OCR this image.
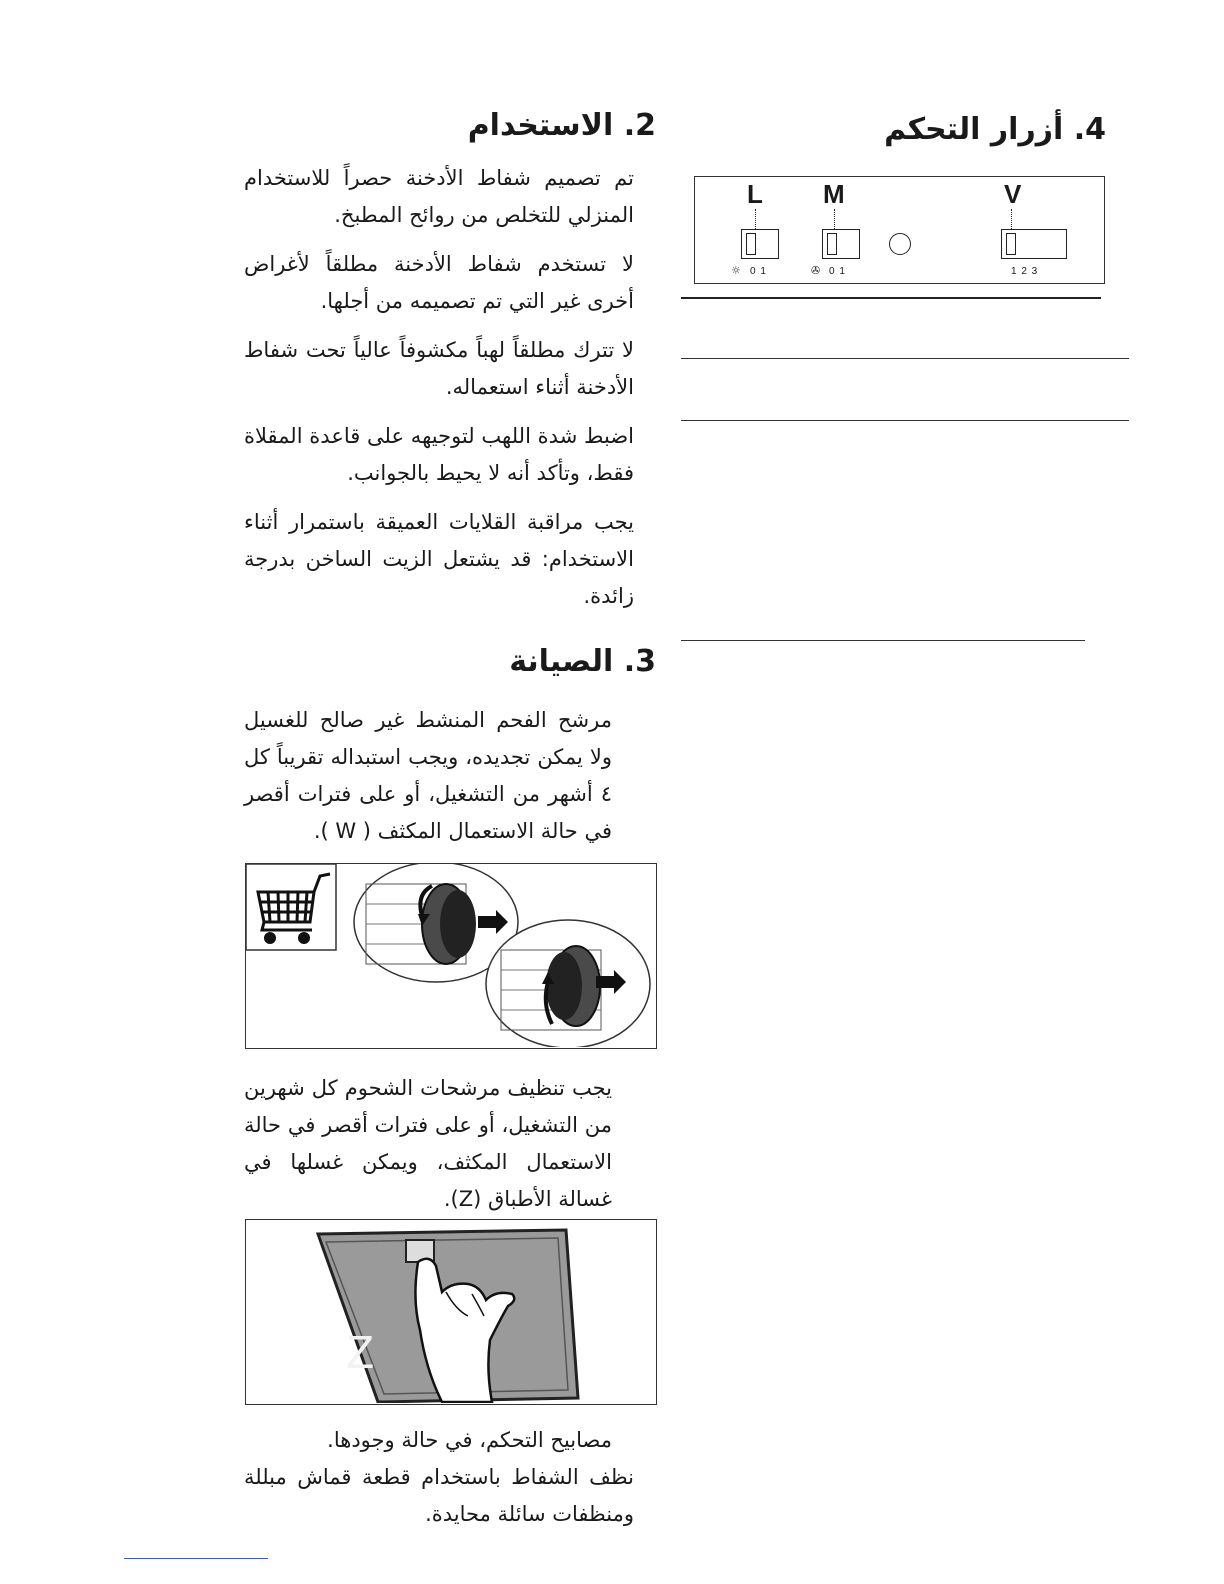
2. الاستخدام

تم تصميم شفاط الأدخنة حصراً للاستخدام المنزلي للتخلص من روائح المطبخ.

لا تستخدم شفاط الأدخنة مطلقاً لأغراض أخرى غير التي تم تصميمه من أجلها.

لا تترك مطلقاً لهباً مكشوفاً عالياً تحت شفاط الأدخنة أثناء استعماله.

اضبط شدة اللهب لتوجيهه على قاعدة المقلاة فقط، وتأكد أنه لا يحيط بالجوانب.

يجب مراقبة القلايات العميقة باستمرار أثناء الاستخدام: قد يشتعل الزيت الساخن بدرجة زائدة.

3. الصيانة

مرشح الفحم المنشط غير صالح للغسيل ولا يمكن تجديده، ويجب استبداله تقريباً كل ٤ أشهر من التشغيل، أو على فترات أقصر في حالة الاستعمال المكثف ( W ).

يجب تنظيف مرشحات الشحوم كل شهرين من التشغيل، أو على فترات أقصر في حالة الاستعمال المكثف، ويمكن غسلها في غسالة الأطباق (Z).

Z

مصابيح التحكم، في حالة وجودها.

نظف الشفاط باستخدام قطعة قماش مبللة ومنظفات سائلة محايدة.

4. أزرار التحكم
L M	V
☼ 0 1	✇ 0 1	1 2 3
